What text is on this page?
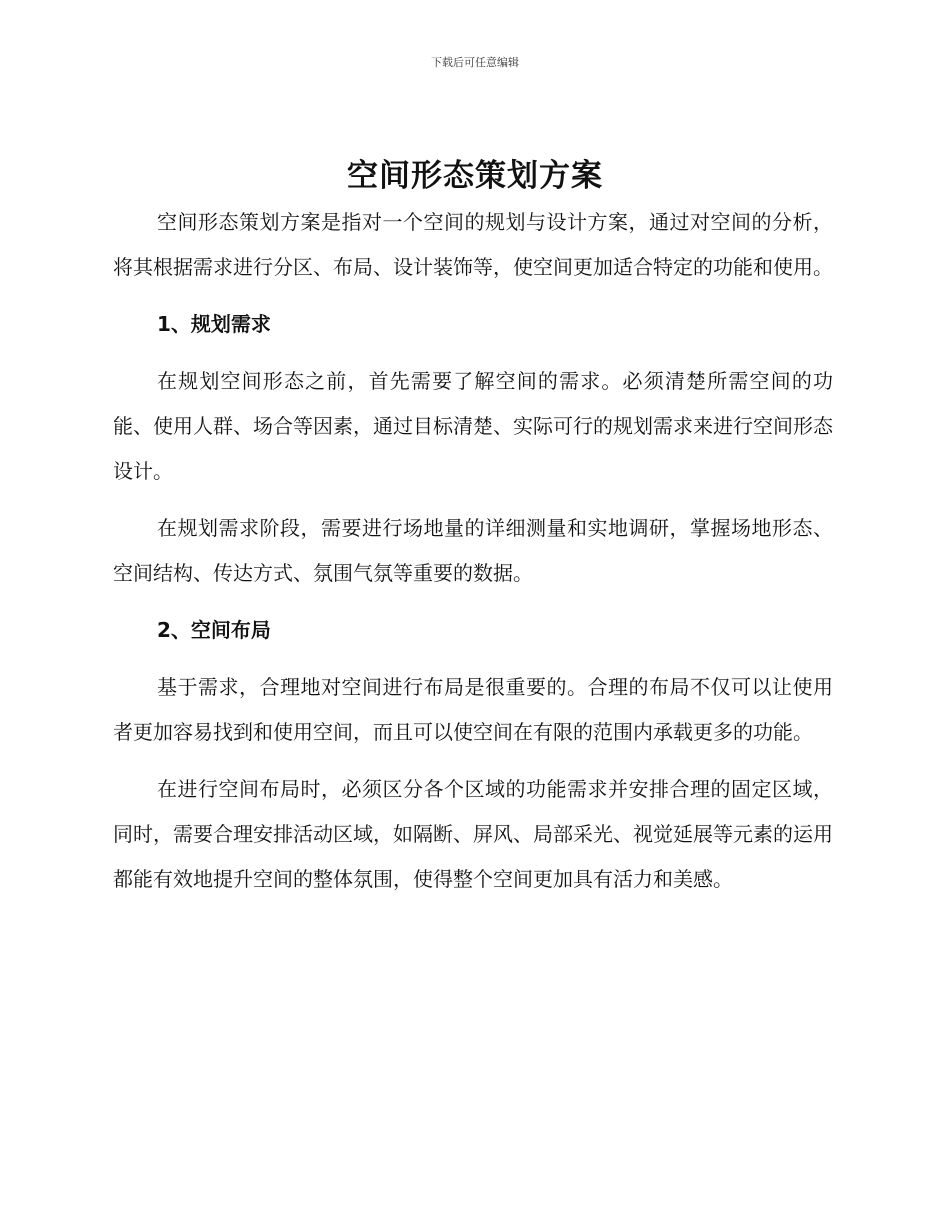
下载后可任意编辑
空间形态策划方案

空间形态策划方案是指对一个空间的规划与设计方案，通过对空间的分析，将其根据需求进行分区、布局、设计装饰等，使空间更加适合特定的功能和使用。

1、规划需求

在规划空间形态之前，首先需要了解空间的需求。必须清楚所需空间的功能、使用人群、场合等因素，通过目标清楚、实际可行的规划需求来进行空间形态设计。

在规划需求阶段，需要进行场地量的详细测量和实地调研，掌握场地形态、空间结构、传达方式、氛围气氛等重要的数据。

2、空间布局

基于需求，合理地对空间进行布局是很重要的。合理的布局不仅可以让使用者更加容易找到和使用空间，而且可以使空间在有限的范围内承载更多的功能。

在进行空间布局时，必须区分各个区域的功能需求并安排合理的固定区域，同时，需要合理安排活动区域，如隔断、屏风、局部采光、视觉延展等元素的运用都能有效地提升空间的整体氛围，使得整个空间更加具有活力和美感。
